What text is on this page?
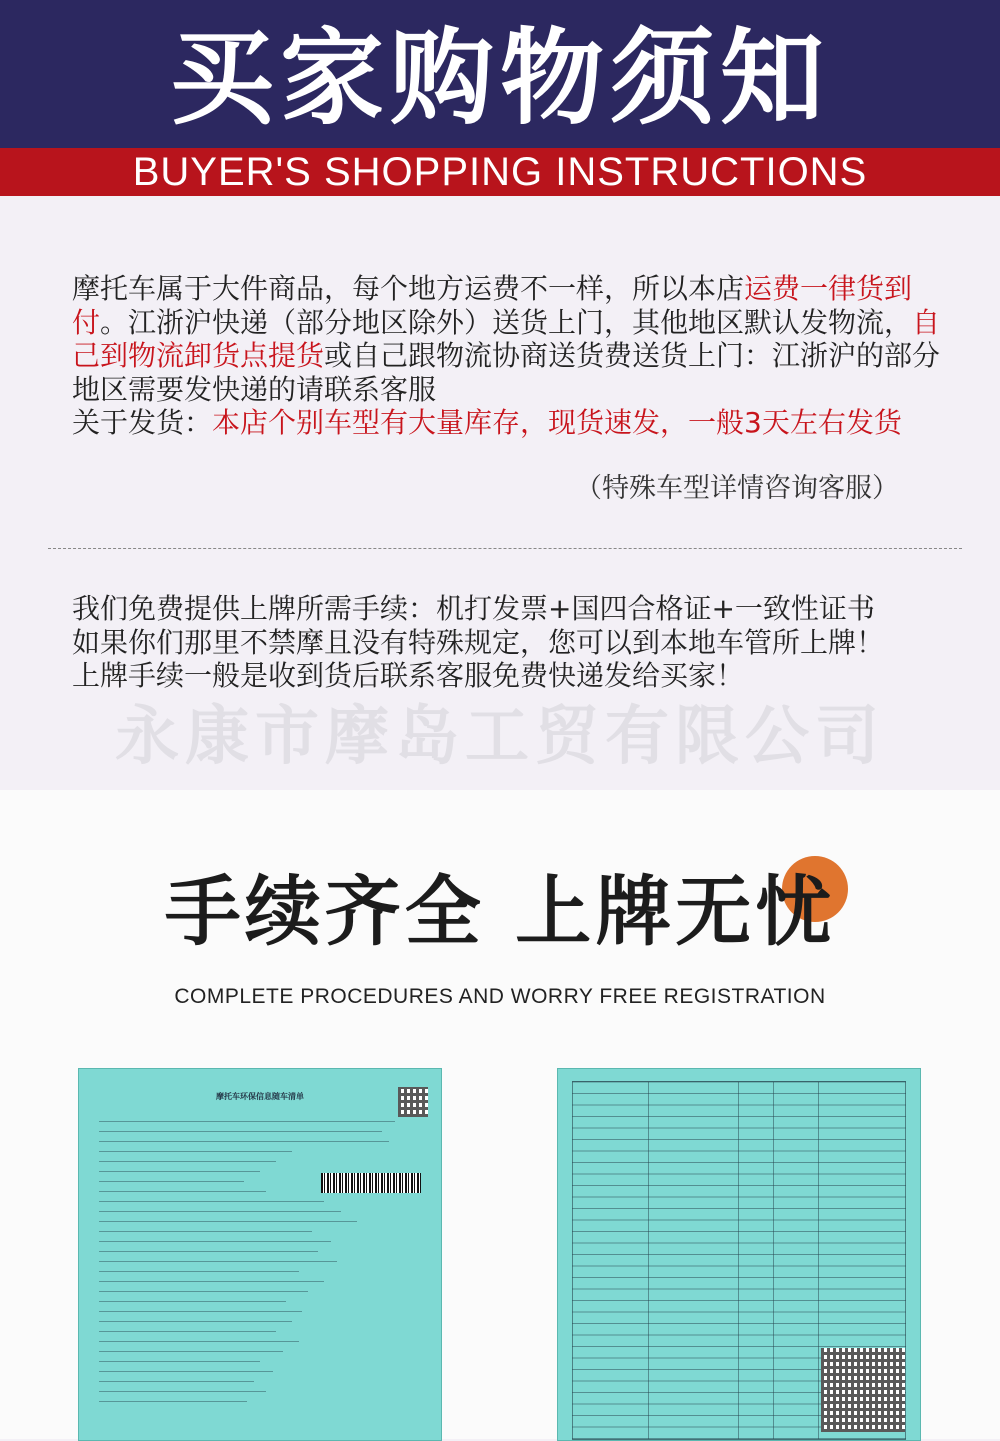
买家购物须知
BUYER'S SHOPPING INSTRUCTIONS

摩托车属于大件商品，每个地方运费不一样，所以本店运费一律货到付。江浙沪快递（部分地区除外）送货上门，其他地区默认发物流，自己到物流卸货点提货或自己跟物流协商送货费送货上门：江浙沪的部分地区需要发快递的请联系客服

关于发货：本店个别车型有大量库存，现货速发，一般3天左右发货

（特殊车型详情咨询客服）

我们免费提供上牌所需手续：机打发票+国四合格证+一致性证书

如果你们那里不禁摩且没有特殊规定，您可以到本地车管所上牌！

上牌手续一般是收到货后联系客服免费快递发给买家！

永康市摩岛工贸有限公司
手续齐全 上牌无忧
COMPLETE PROCEDURES AND WORRY FREE REGISTRATION
摩托车环保信息随车清单
